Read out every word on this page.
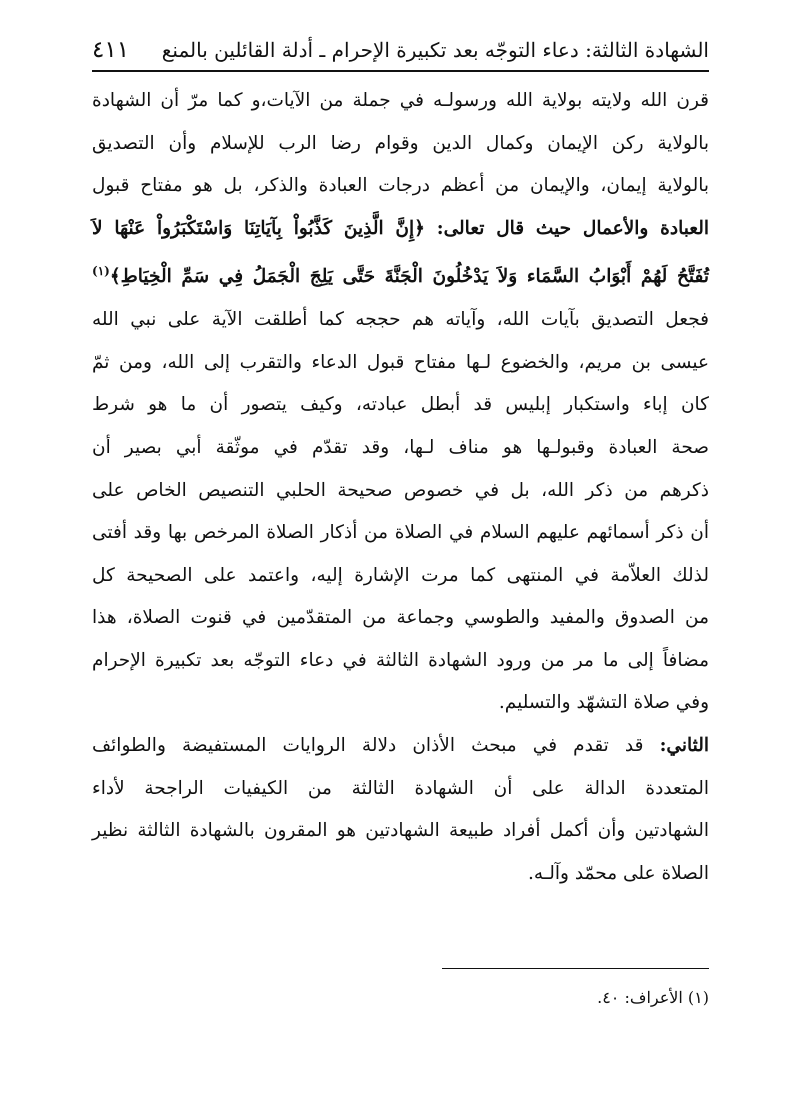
الشهادة الثالثة: دعاء التوجّه بعد تكبيرة الإحرام ـ أدلة القائلين بالمنع
٤١١
قرن الله ولايته بولاية الله ورسولـه في جملة من الآيات،و كما مرّ أن الشهادة
بالولاية ركن الإيمان وكمال الدين وقوام رضا الرب للإسلام وأن التصديق
بالولاية إيمان، والإيمان من أعظم درجات العبادة والذكر، بل هو مفتاح قبول
العبادة والأعمال حيث قال تعالى: ﴿إِنَّ الَّذِينَ كَذَّبُواْ بِآيَاتِنَا وَاسْتَكْبَرُواْ عَنْهَا لاَ
تُفَتَّحُ لَهُمْ أَبْوَابُ السَّمَاء وَلاَ يَدْخُلُونَ الْجَنَّةَ حَتَّى يَلِجَ الْجَمَلُ فِي سَمِّ الْخِيَاطِ﴾$^{(١)}$
فجعل التصديق بآيات الله، وآياته هم حججه كما أطلقت الآية على نبي الله
عيسى بن مريم، والخضوع لـها مفتاح قبول الدعاء والتقرب إلى الله، ومن ثمّ
كان إباء واستكبار إبليس قد أبطل عبادته، وكيف يتصور أن ما هو شرط
صحة العبادة وقبولـها هو مناف لـها، وقد تقدّم في موثّقة أبي بصير أن
ذكرهم من ذكر الله، بل في خصوص صحيحة الحلبي التنصيص الخاص على
أن ذكر أسمائهم عليهم السلام في الصلاة من أذكار الصلاة المرخص بها وقد أفتى
لذلك العلاّمة في المنتهى كما مرت الإشارة إليه، واعتمد على الصحيحة كل
من الصدوق والمفيد والطوسي وجماعة من المتقدّمين في قنوت الصلاة، هذا
مضافاً إلى ما مر من ورود الشهادة الثالثة في دعاء التوجّه بعد تكبيرة الإحرام
وفي صلاة التشهّد والتسليم.
الثاني: قد تقدم في مبحث الأذان دلالة الروايات المستفيضة والطوائف
المتعددة الدالة على أن الشهادة الثالثة من الكيفيات الراجحة لأداء
الشهادتين وأن أكمل أفراد طبيعة الشهادتين هو المقرون بالشهادة الثالثة نظير
الصلاة على محمّد وآلـه.
(١) الأعراف: ٤٠.
